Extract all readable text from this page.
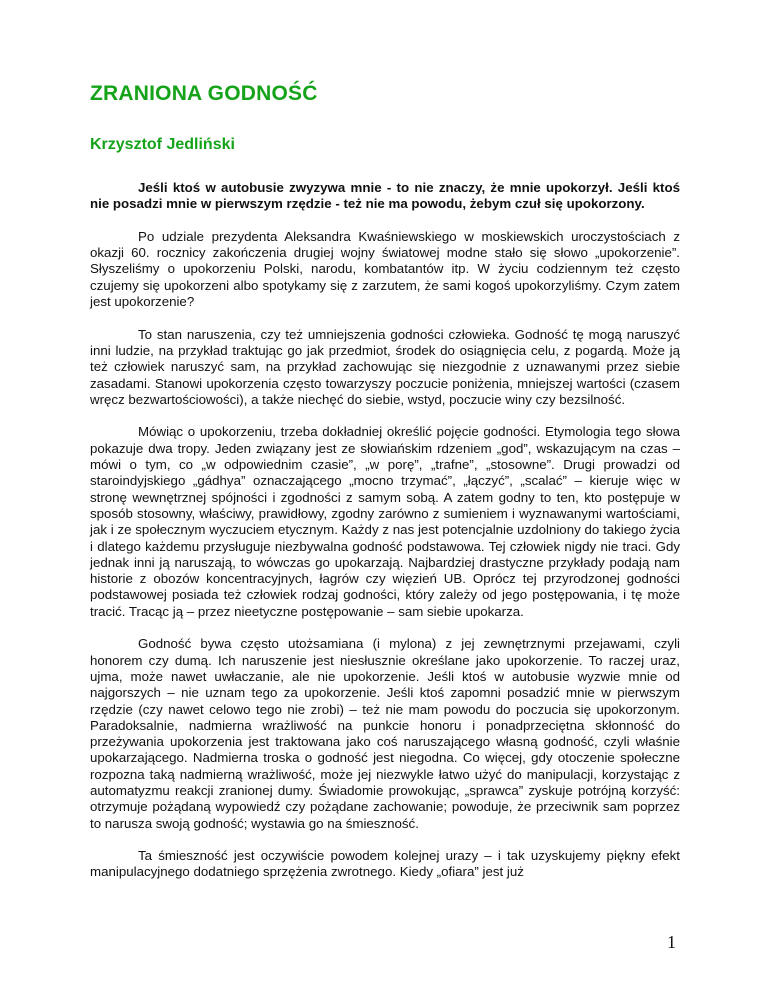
ZRANIONA GODNOŚĆ
Krzysztof Jedliński

Jeśli ktoś w autobusie zwyzywa mnie - to nie znaczy, że mnie upokorzył. Jeśli ktoś nie posadzi mnie w pierwszym rzędzie - też nie ma powodu, żebym czuł się upokorzony.

Po udziale prezydenta Aleksandra Kwaśniewskiego w moskiewskich uroczystościach z okazji 60. rocznicy zakończenia drugiej wojny światowej modne stało się słowo „upokorzenie”. Słyszeliśmy o upokorzeniu Polski, narodu, kombatantów itp. W życiu codziennym też często czujemy się upokorzeni albo spotykamy się z zarzutem, że sami kogoś upokorzyliśmy. Czym zatem jest upokorzenie?

To stan naruszenia, czy też umniejszenia godności człowieka. Godność tę mogą naruszyć inni ludzie, na przykład traktując go jak przedmiot, środek do osiągnięcia celu, z pogardą. Może ją też człowiek naruszyć sam, na przykład zachowując się niezgodnie z uznawanymi przez siebie zasadami. Stanowi upokorzenia często towarzyszy poczucie poniżenia, mniejszej wartości (czasem wręcz bezwartościowości), a także niechęć do siebie, wstyd, poczucie winy czy bezsilność.

Mówiąc o upokorzeniu, trzeba dokładniej określić pojęcie godności. Etymologia tego słowa pokazuje dwa tropy. Jeden związany jest ze słowiańskim rdzeniem „god”, wskazującym na czas – mówi o tym, co „w odpowiednim czasie”, „w porę”, „trafne”, „stosowne”. Drugi prowadzi od staroindyjskiego „gádhya” oznaczającego „mocno trzymać”, „łączyć”, „scalać” – kieruje więc w stronę wewnętrznej spójności i zgodności z samym sobą. A zatem godny to ten, kto postępuje w sposób stosowny, właściwy, prawidłowy, zgodny zarówno z sumieniem i wyznawanymi wartościami, jak i ze społecznym wyczuciem etycznym. Każdy z nas jest potencjalnie uzdolniony do takiego życia i dlatego każdemu przysługuje niezbywalna godność podstawowa. Tej człowiek nigdy nie traci. Gdy jednak inni ją naruszają, to wówczas go upokarzają. Najbardziej drastyczne przykłady podają nam historie z obozów koncentracyjnych, łagrów czy więzień UB. Oprócz tej przyrodzonej godności podstawowej posiada też człowiek rodzaj godności, który zależy od jego postępowania, i tę może tracić. Tracąc ją – przez nieetyczne postępowanie – sam siebie upokarza.

Godność bywa często utożsamiana (i mylona) z jej zewnętrznymi przejawami, czyli honorem czy dumą. Ich naruszenie jest niesłusznie określane jako upokorzenie. To raczej uraz, ujma, może nawet uwłaczanie, ale nie upokorzenie. Jeśli ktoś w autobusie wyzwie mnie od najgorszych – nie uznam tego za upokorzenie. Jeśli ktoś zapomni posadzić mnie w pierwszym rzędzie (czy nawet celowo tego nie zrobi) – też nie mam powodu do poczucia się upokorzonym. Paradoksalnie, nadmierna wrażliwość na punkcie honoru i ponadprzeciętna skłonność do przeżywania upokorzenia jest traktowana jako coś naruszającego własną godność, czyli właśnie upokarzającego. Nadmierna troska o godność jest niegodna. Co więcej, gdy otoczenie społeczne rozpozna taką nadmierną wrażliwość, może jej niezwykle łatwo użyć do manipulacji, korzystając z automatyzmu reakcji zranionej dumy. Świadomie prowokując, „sprawca” zyskuje potrójną korzyść: otrzymuje pożądaną wypowiedź czy pożądane zachowanie; powoduje, że przeciwnik sam poprzez to narusza swoją godność; wystawia go na śmieszność.

Ta śmieszność jest oczywiście powodem kolejnej urazy – i tak uzyskujemy piękny efekt manipulacyjnego dodatniego sprzężenia zwrotnego. Kiedy „ofiara” jest już

1
